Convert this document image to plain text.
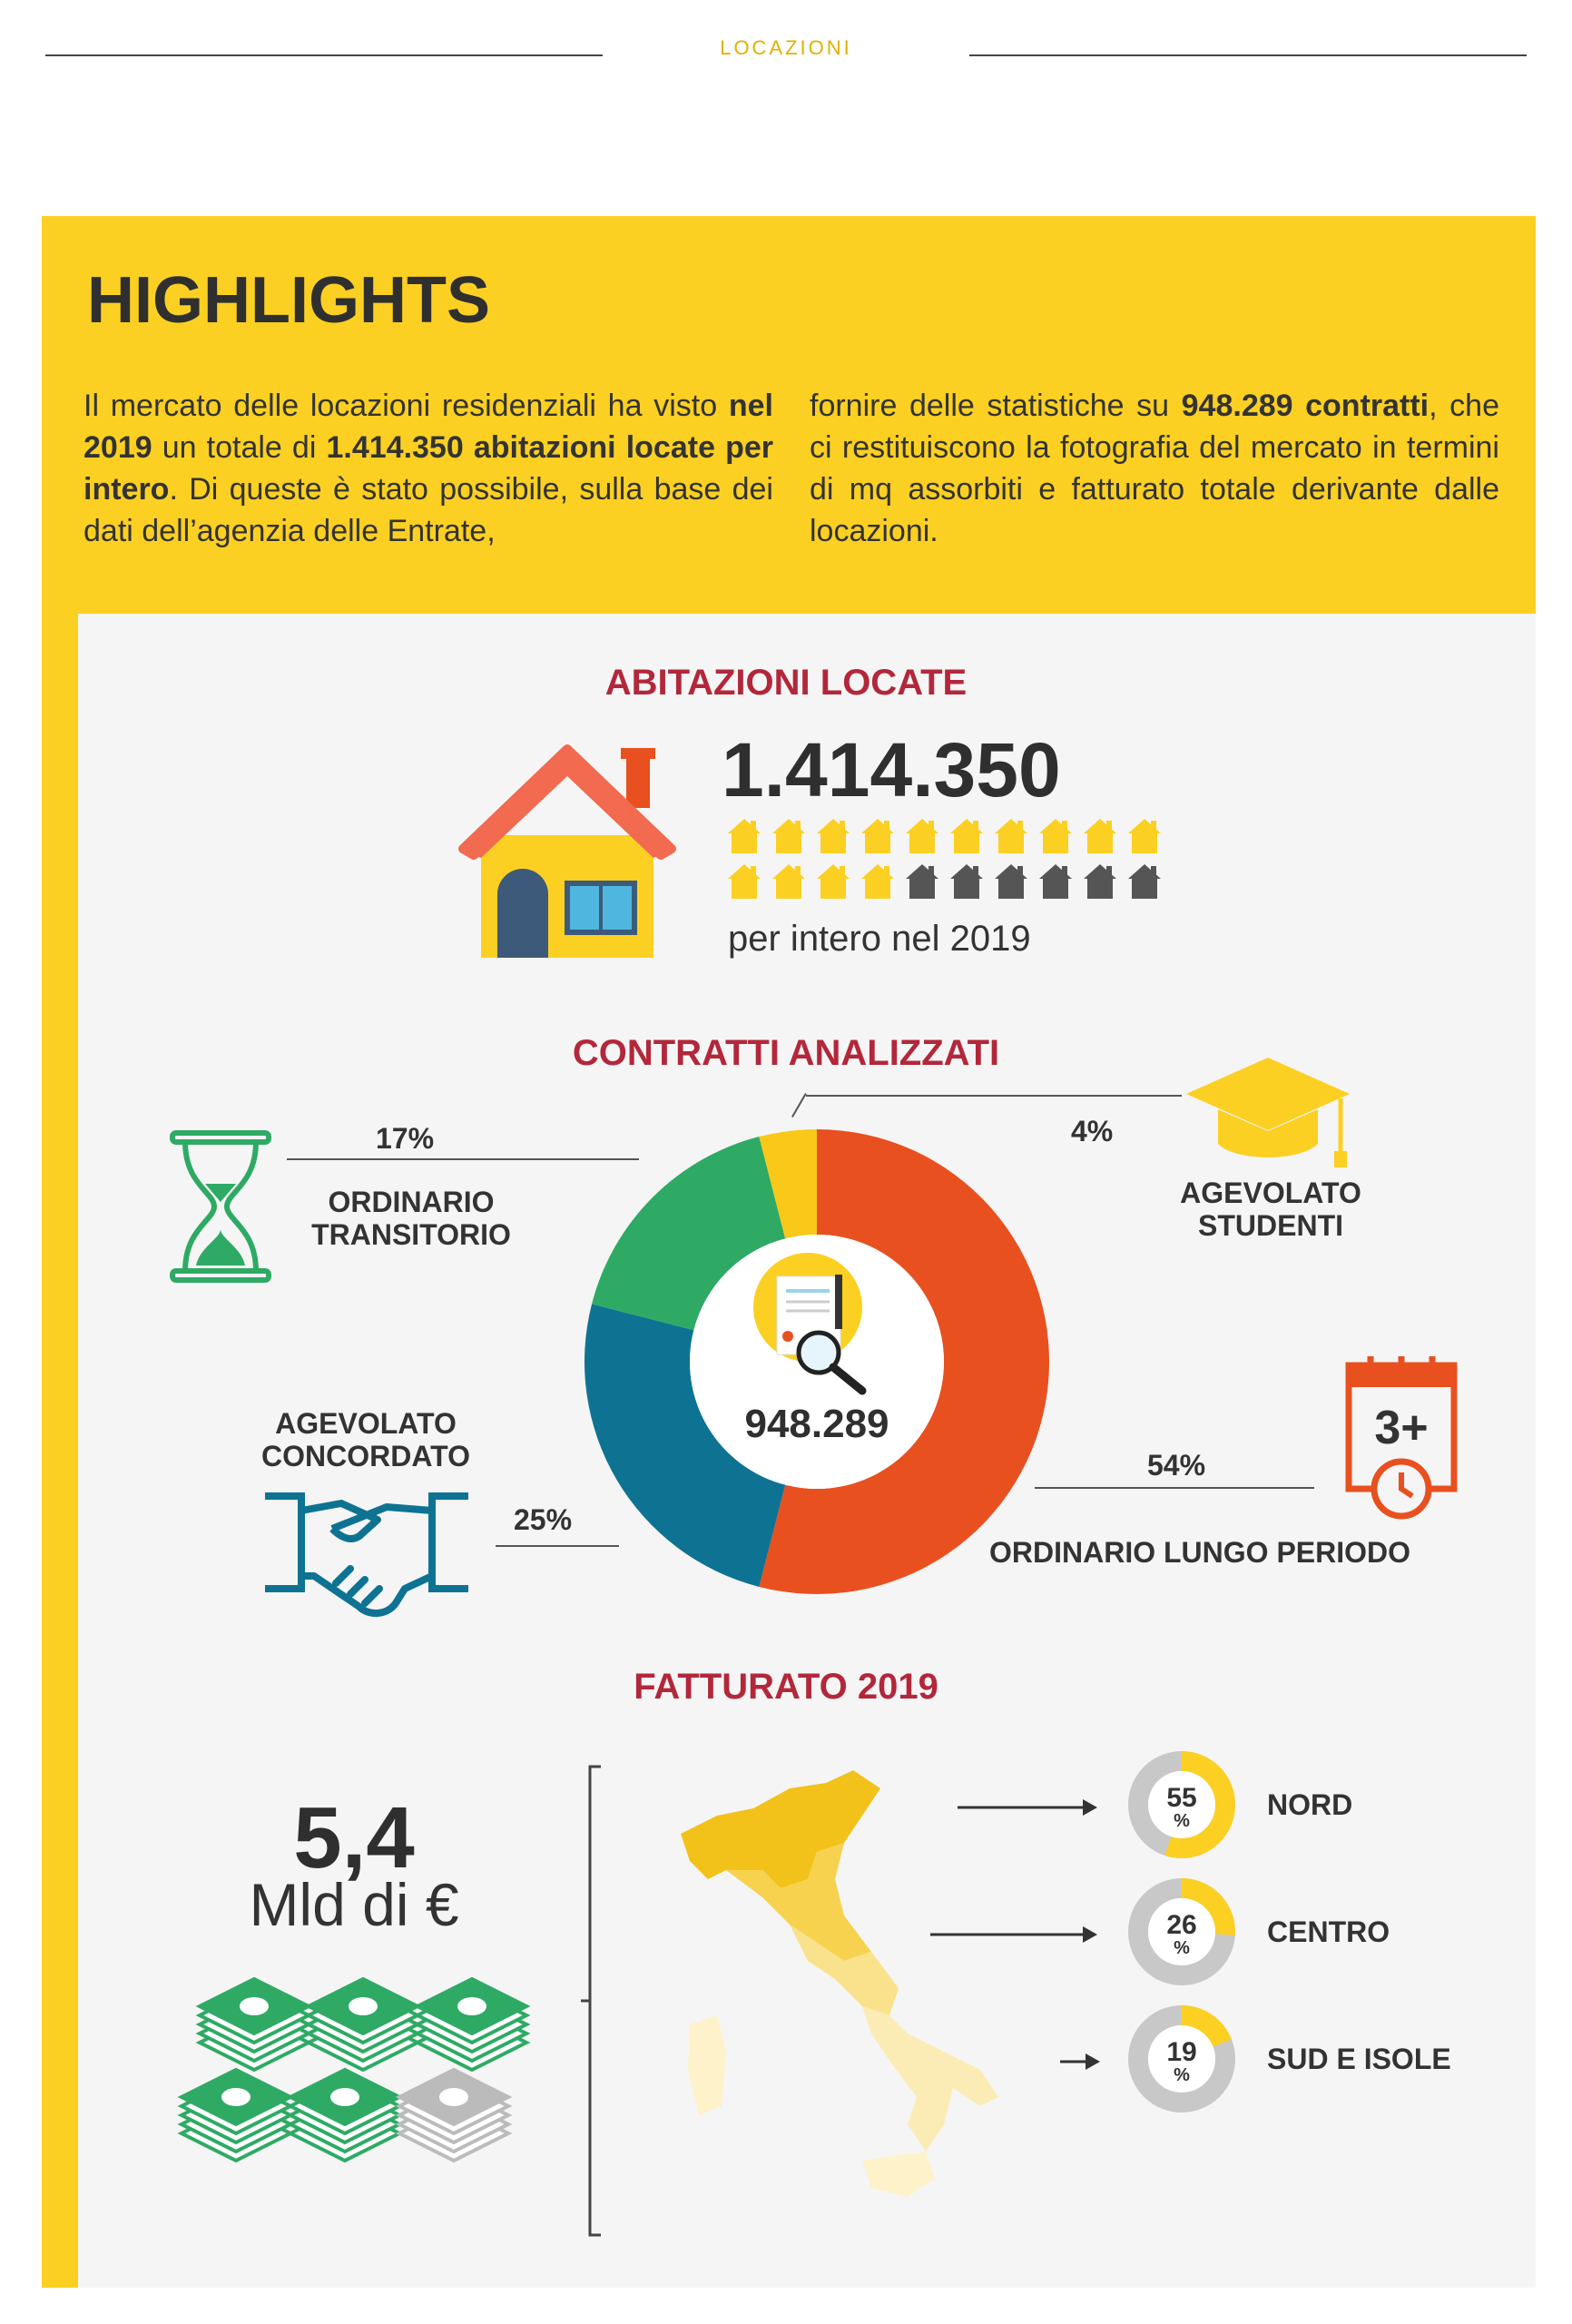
LOCAZIONI
HIGHLIGHTS
Il mercato delle locazioni residenziali ha visto nel 2019 un totale di 1.414.350 abitazioni locate per intero. Di queste è stato possibile, sulla base dei dati dell’agenzia delle Entrate,
fornire delle statistiche su 948.289 contratti, che ci restituiscono la fotografia del mercato in termini di mq assorbiti e fatturato totale derivante dalle locazioni.
ABITAZIONI LOCATE
1.414.350
per intero nel 2019
CONTRATTI ANALIZZATI
948.289
17%
ORDINARIO
TRANSITORIO
4%
AGEVOLATO
STUDENTI
AGEVOLATO
CONCORDATO
25%
3+
54%
ORDINARIO LUNGO PERIODO
FATTURATO 2019
5,4
Mld di €
55
%
26
%
19
%
NORD
CENTRO
SUD E ISOLE
